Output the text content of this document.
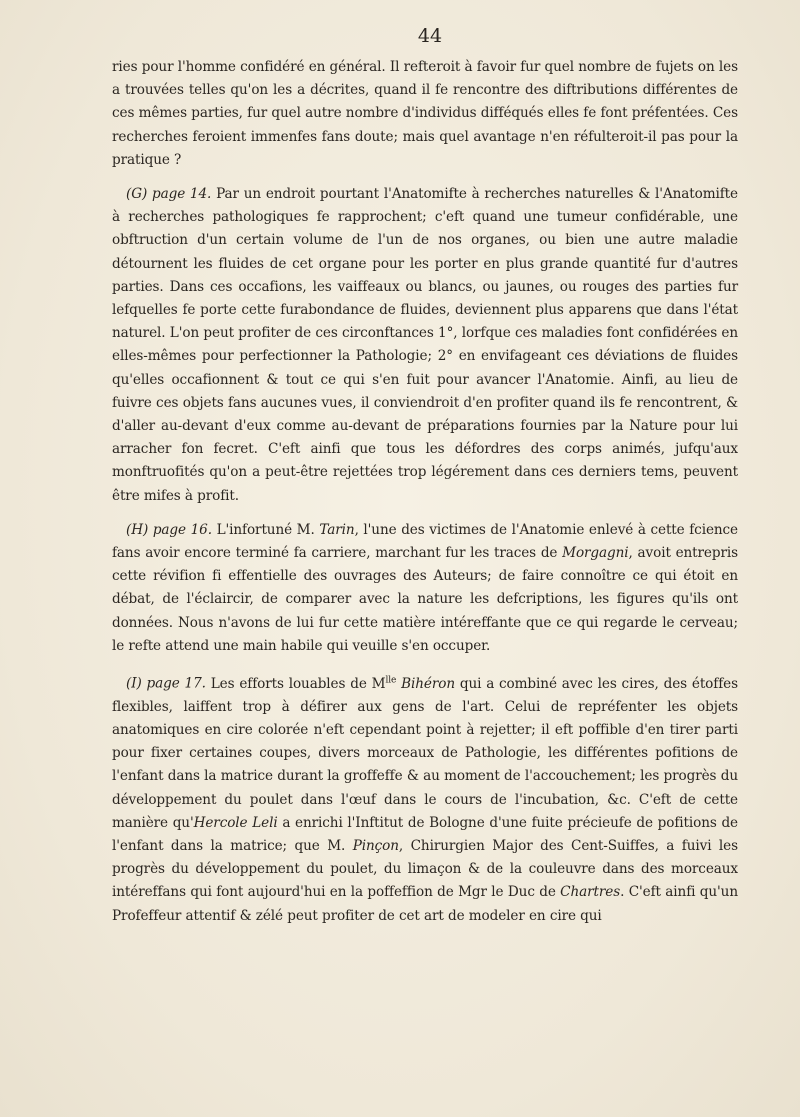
44

ries pour l'homme confidéré en général. Il refteroit à favoir fur quel nombre de fujets on les a trouvées telles qu'on les a décrites, quand il fe rencontre des diftributions différentes de ces mêmes parties, fur quel autre nombre d'individus difféqués elles fe font préfentées. Ces recherches feroient immenfes fans doute; mais quel avantage n'en réfulteroit-il pas pour la pratique ?

(G) page 14. Par un endroit pourtant l'Anatomifte à recherches naturelles & l'Anatomifte à recherches pathologiques fe rapprochent; c'eft quand une tumeur confidérable, une obftruction d'un certain volume de l'un de nos organes, ou bien une autre maladie détournent les fluides de cet organe pour les porter en plus grande quantité fur d'autres parties. Dans ces occafions, les vaiffeaux ou blancs, ou jaunes, ou rouges des parties fur lefquelles fe porte cette furabondance de fluides, deviennent plus apparens que dans l'état naturel. L'on peut profiter de ces circonftances 1°, lorfque ces maladies font confidérées en elles-mêmes pour perfectionner la Pathologie; 2° en envifageant ces déviations de fluides qu'elles occafionnent & tout ce qui s'en fuit pour avancer l'Anatomie. Ainfi, au lieu de fuivre ces objets fans aucunes vues, il conviendroit d'en profiter quand ils fe rencontrent, & d'aller au-devant d'eux comme au-devant de préparations fournies par la Nature pour lui arracher fon fecret. C'eft ainfi que tous les défordres des corps animés, jufqu'aux monftruofités qu'on a peut-être rejettées trop légérement dans ces derniers tems, peuvent être mifes à profit.

(H) page 16. L'infortuné M. Tarin, l'une des victimes de l'Anatomie enlevé à cette fcience fans avoir encore terminé fa carriere, marchant fur les traces de Morgagni, avoit entrepris cette révifion fi effentielle des ouvrages des Auteurs; de faire connoître ce qui étoit en débat, de l'éclaircir, de comparer avec la nature les defcriptions, les figures qu'ils ont données. Nous n'avons de lui fur cette matière intéreffante que ce qui regarde le cerveau; le refte attend une main habile qui veuille s'en occuper.

(I) page 17. Les efforts louables de $M^{lle}$ Bihéron qui a combiné avec les cires, des étoffes flexibles, laiffent trop à défirer aux gens de l'art. Celui de repréfenter les objets anatomiques en cire colorée n'eft cependant point à rejetter; il eft poffible d'en tirer parti pour fixer certaines coupes, divers morceaux de Pathologie, les différentes pofitions de l'enfant dans la matrice durant la groffeffe & au moment de l'accouchement; les progrès du développement du poulet dans l'œuf dans le cours de l'incubation, &c. C'eft de cette manière qu'Hercole Leli a enrichi l'Inftitut de Bologne d'une fuite précieufe de pofitions de l'enfant dans la matrice; que M. Pinçon, Chirurgien Major des Cent-Suiffes, a fuivi les progrès du développement du poulet, du limaçon & de la couleuvre dans des morceaux intéreffans qui font aujourd'hui en la poffeffion de Mgr le Duc de Chartres. C'eft ainfi qu'un Profeffeur attentif & zélé peut profiter de cet art de modeler en cire qui
